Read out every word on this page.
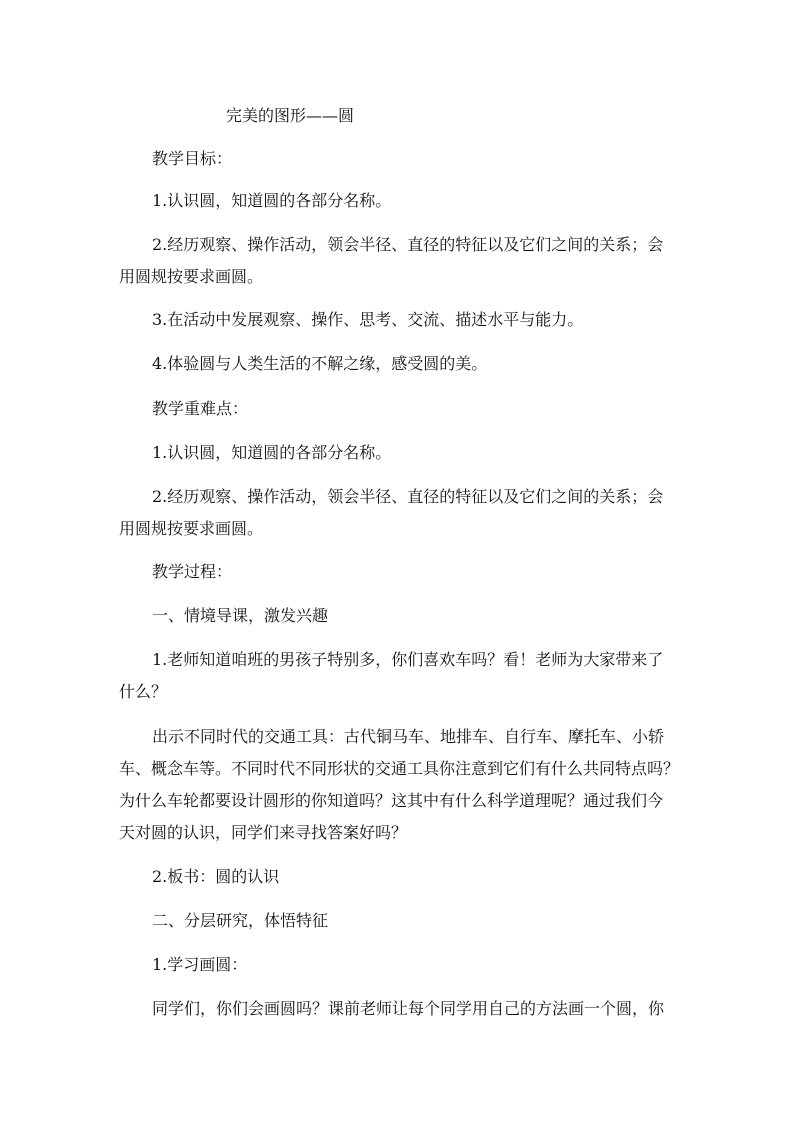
完美的图形——圆
教学目标：
1.认识圆，知道圆的各部分名称。
2.经历观察、操作活动，领会半径、直径的特征以及它们之间的关系；会
用圆规按要求画圆。
3.在活动中发展观察、操作、思考、交流、描述水平与能力。
4.体验圆与人类生活的不解之缘，感受圆的美。
教学重难点：
1.认识圆，知道圆的各部分名称。
2.经历观察、操作活动，领会半径、直径的特征以及它们之间的关系；会
用圆规按要求画圆。
教学过程：
一、情境导课，激发兴趣
1.老师知道咱班的男孩子特别多，你们喜欢车吗？看！老师为大家带来了
什么？
出示不同时代的交通工具：古代铜马车、地排车、自行车、摩托车、小轿
车、概念车等。不同时代不同形状的交通工具你注意到它们有什么共同特点吗？
为什么车轮都要设计圆形的你知道吗？这其中有什么科学道理呢？通过我们今
天对圆的认识，同学们来寻找答案好吗？
2.板书：圆的认识
二、分层研究，体悟特征
1.学习画圆：
同学们，你们会画圆吗？课前老师让每个同学用自己的方法画一个圆，你
